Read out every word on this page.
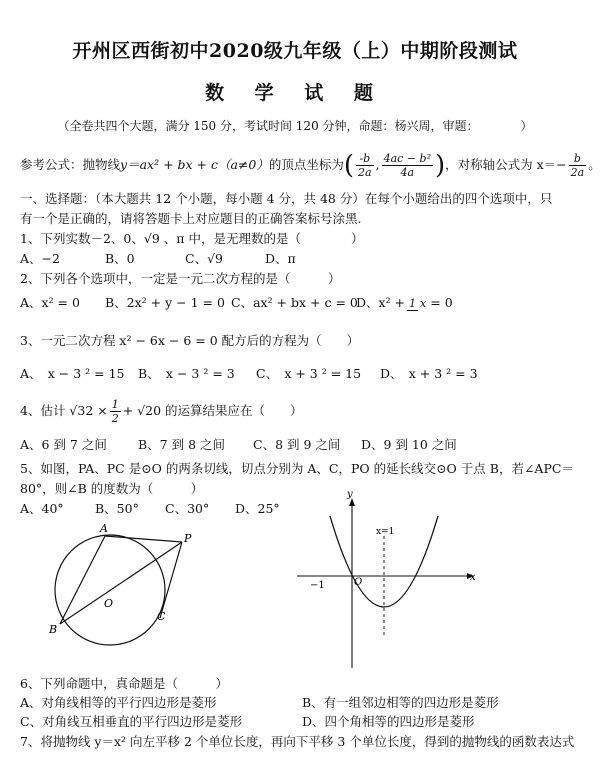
开州区西街初中2020级九年级（上）中期阶段测试
数 学 试 题
（全卷共四个大题，满分 150 分，考试时间 120 分钟，命题：杨兴周，审题：　　　　）
参考公式：抛物线y＝ax² + bx + c（a≠0）的顶点坐标为( $\frac{-b}{2a}$ , $\frac{\text{4ac − b²}}{4a}$ )，对称轴公式为 $x=- \frac{b}{2a}$ 。
一、选择题：（本大题共 12 个小题，每小题 4 分，共 48 分）在每个小题给出的四个选项中，只
有一个是正确的，请将答题卡上对应题目的正确答案标号涂黑.
1、下列实数－2、0、√9 、π 中，是无理数的是（　　　　）
A、−2	B、0	C、√9	D、π
2、下列各个选项中，一定是一元二次方程的是（　　　）
A、x² = 0 B、2x² + y − 1 = 0 C、ax² + bx + c = 0D、x² + 1 x = 0
3、一元二次方程 x² − 6x − 6 = 0 配方后的方程为（　　）
A、　x − 3 ² = 15 B、　x − 3 ² = 3 C、　x + 3 ² = 15 D、　x + 3 ² = 3
4、估计 $√32 \times \frac{1}{2} + √20$ 的运算结果应在（　　）
A、6 到 7 之间 B、7 到 8 之间 C、8 到 9 之间 D、9 到 10 之间
5、如图，PA、PC 是⊙O 的两条切线，切点分别为 A、C，PO 的延长线交⊙O 于点 B，若∠APC＝
80°，则∠B 的度数为（　　　）
A、40°	B、50° C、30° D、25°
A
P
O
B
C
y
x
x=1
−1	O
6、下列命题中，真命题是（　　　）
A、对角线相等的平行四边形是菱形	B、有一组邻边相等的四边形是菱形
C、对角线互相垂直的平行四边形是菱形	D、四个角相等的四边形是菱形
7、将抛物线 y＝x² 向左平移 2 个单位长度，再向下平移 3 个单位长度，得到的抛物线的函数表达式
